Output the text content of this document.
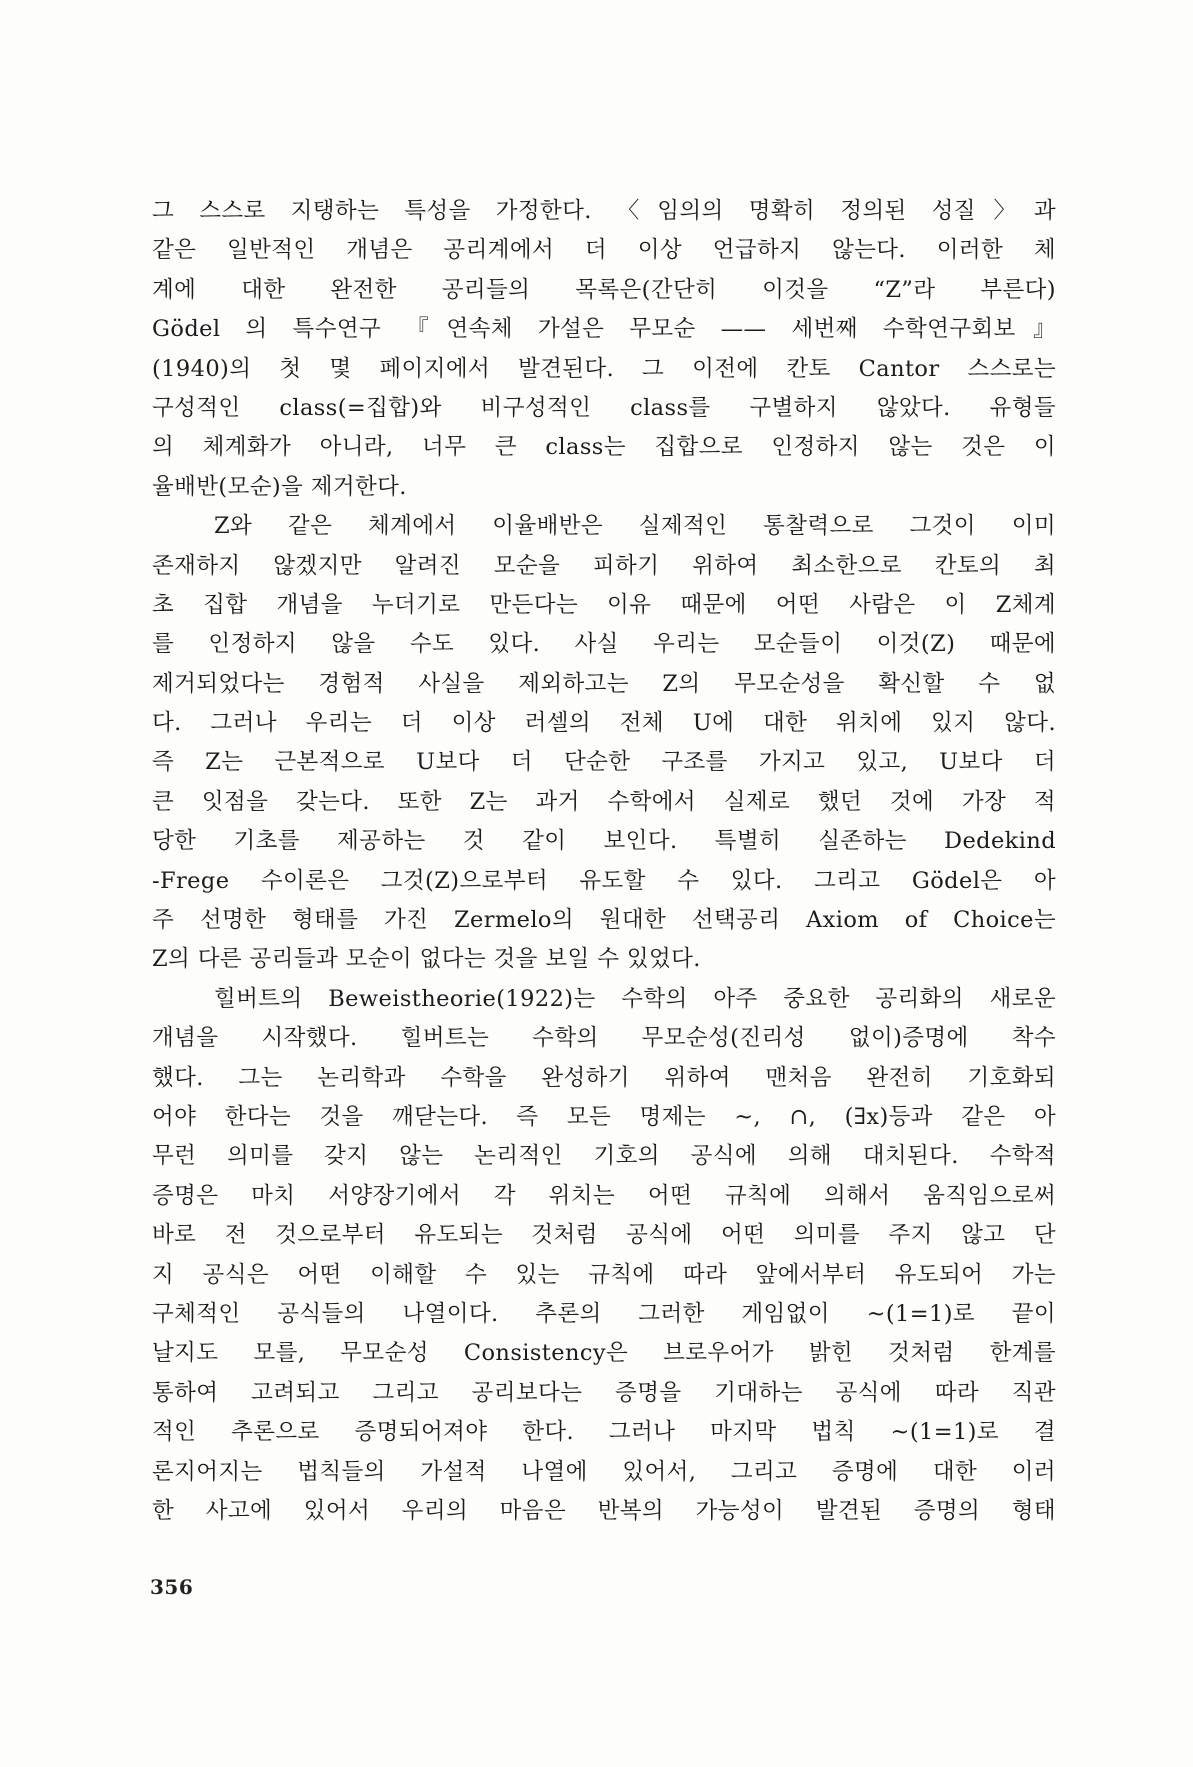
그 스스로 지탱하는 특성을 가정한다. 〈임의의 명확히 정의된 성질〉과
같은 일반적인 개념은 공리계에서 더 이상 언급하지 않는다. 이러한 체
계에 대한 완전한 공리들의 목록은(간단히 이것을 “Z”라 부른다)
Gödel 의 특수연구 『연속체 가설은 무모순 —— 세번째 수학연구회보』
(1940)의 첫 몇 페이지에서 발견된다. 그 이전에 칸토 Cantor 스스로는
구성적인 class(=집합)와 비구성적인 class를 구별하지 않았다. 유형들
의 체계화가 아니라, 너무 큰 class는 집합으로 인정하지 않는 것은 이
율배반(모순)을 제거한다.
Z와 같은 체계에서 이율배반은 실제적인 통찰력으로 그것이 이미
존재하지 않겠지만 알려진 모순을 피하기 위하여 최소한으로 칸토의 최
초 집합 개념을 누더기로 만든다는 이유 때문에 어떤 사람은 이 Z체계
를 인정하지 않을 수도 있다. 사실 우리는 모순들이 이것(Z) 때문에
제거되었다는 경험적 사실을 제외하고는 Z의 무모순성을 확신할 수 없
다. 그러나 우리는 더 이상 러셀의 전체 U에 대한 위치에 있지 않다.
즉 Z는 근본적으로 U보다 더 단순한 구조를 가지고 있고, U보다 더
큰 잇점을 갖는다. 또한 Z는 과거 수학에서 실제로 했던 것에 가장 적
당한 기초를 제공하는 것 같이 보인다. 특별히 실존하는 Dedekind
-Frege 수이론은 그것(Z)으로부터 유도할 수 있다. 그리고 Gödel은 아
주 선명한 형태를 가진 Zermelo의 원대한 선택공리 Axiom of Choice는
Z의 다른 공리들과 모순이 없다는 것을 보일 수 있었다.
힐버트의 Beweistheorie(1922)는 수학의 아주 중요한 공리화의 새로운
개념을 시작했다. 힐버트는 수학의 무모순성(진리성 없이)증명에 착수
했다. 그는 논리학과 수학을 완성하기 위하여 맨처음 완전히 기호화되
어야 한다는 것을 깨닫는다. 즉 모든 명제는 ~, ∩, (∃x)등과 같은 아
무런 의미를 갖지 않는 논리적인 기호의 공식에 의해 대치된다. 수학적
증명은 마치 서양장기에서 각 위치는 어떤 규칙에 의해서 움직임으로써
바로 전 것으로부터 유도되는 것처럼 공식에 어떤 의미를 주지 않고 단
지 공식은 어떤 이해할 수 있는 규칙에 따라 앞에서부터 유도되어 가는
구체적인 공식들의 나열이다. 추론의 그러한 게임없이 ~(1=1)로 끝이
날지도 모를, 무모순성 Consistency은 브로우어가 밝힌 것처럼 한계를
통하여 고려되고 그리고 공리보다는 증명을 기대하는 공식에 따라 직관
적인 추론으로 증명되어져야 한다. 그러나 마지막 법칙 ~(1=1)로 결
론지어지는 법칙들의 가설적 나열에 있어서, 그리고 증명에 대한 이러
한 사고에 있어서 우리의 마음은 반복의 가능성이 발견된 증명의 형태
356
